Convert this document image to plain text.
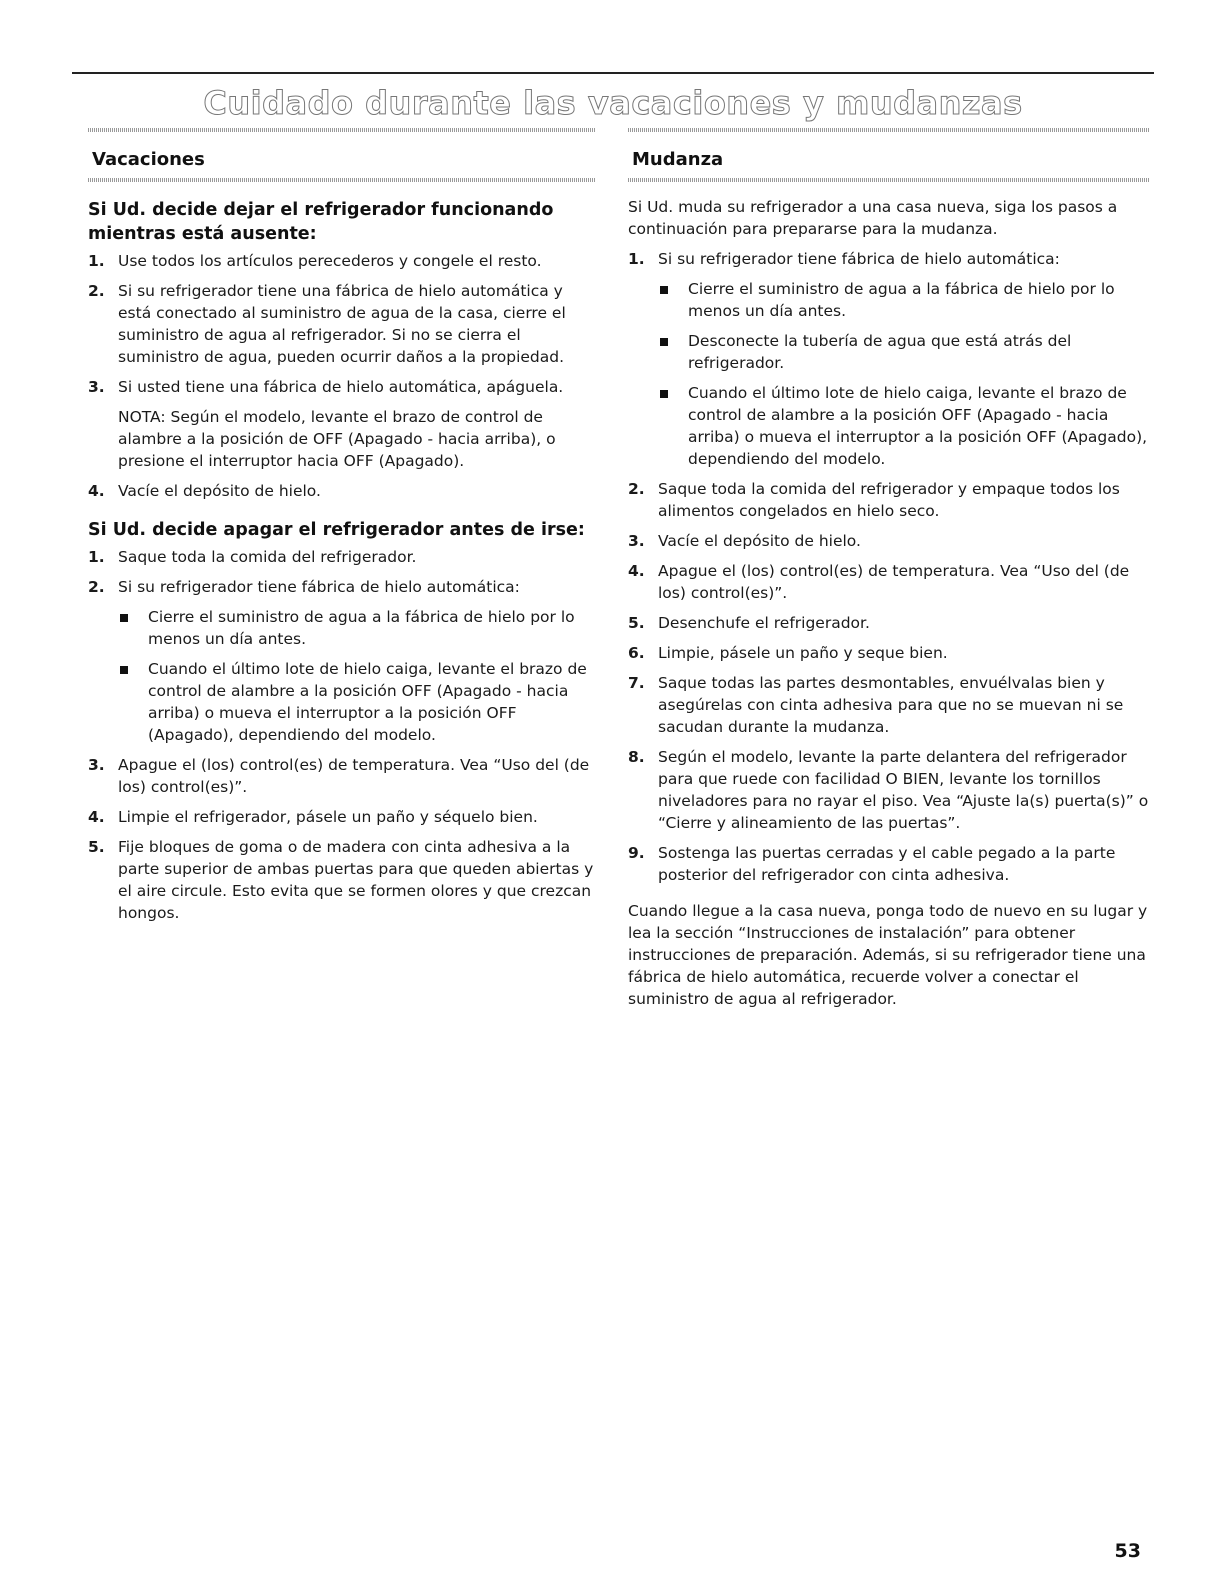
Cuidado durante las vacaciones y mudanzas
Vacaciones
Si Ud. decide dejar el refrigerador funcionando mientras está ausente:
1. Use todos los artículos perecederos y congele el resto.
2. Si su refrigerador tiene una fábrica de hielo automática y está conectado al suministro de agua de la casa, cierre el suministro de agua al refrigerador. Si no se cierra el suministro de agua, pueden ocurrir daños a la propiedad.
3. Si usted tiene una fábrica de hielo automática, apáguela.
NOTA: Según el modelo, levante el brazo de control de alambre a la posición de OFF (Apagado - hacia arriba), o presione el interruptor hacia OFF (Apagado).
4. Vacíe el depósito de hielo.
Si Ud. decide apagar el refrigerador antes de irse:
1. Saque toda la comida del refrigerador.
2. Si su refrigerador tiene fábrica de hielo automática:
Cierre el suministro de agua a la fábrica de hielo por lo menos un día antes.
Cuando el último lote de hielo caiga, levante el brazo de control de alambre a la posición OFF (Apagado - hacia arriba) o mueva el interruptor a la posición OFF (Apagado), dependiendo del modelo.
3. Apague el (los) control(es) de temperatura. Vea “Uso del (de los) control(es)”.
4. Limpie el refrigerador, pásele un paño y séquelo bien.
5. Fije bloques de goma o de madera con cinta adhesiva a la parte superior de ambas puertas para que queden abiertas y el aire circule. Esto evita que se formen olores y que crezcan hongos.
Mudanza
Si Ud. muda su refrigerador a una casa nueva, siga los pasos a continuación para prepararse para la mudanza.
1. Si su refrigerador tiene fábrica de hielo automática:
Cierre el suministro de agua a la fábrica de hielo por lo menos un día antes.
Desconecte la tubería de agua que está atrás del refrigerador.
Cuando el último lote de hielo caiga, levante el brazo de control de alambre a la posición OFF (Apagado - hacia arriba) o mueva el interruptor a la posición OFF (Apagado), dependiendo del modelo.
2. Saque toda la comida del refrigerador y empaque todos los alimentos congelados en hielo seco.
3. Vacíe el depósito de hielo.
4. Apague el (los) control(es) de temperatura. Vea “Uso del (de los) control(es)”.
5. Desenchufe el refrigerador.
6. Limpie, pásele un paño y seque bien.
7. Saque todas las partes desmontables, envuélvalas bien y asegúrelas con cinta adhesiva para que no se muevan ni se sacudan durante la mudanza.
8. Según el modelo, levante la parte delantera del refrigerador para que ruede con facilidad O BIEN, levante los tornillos niveladores para no rayar el piso. Vea “Ajuste la(s) puerta(s)” o “Cierre y alineamiento de las puertas”.
9. Sostenga las puertas cerradas y el cable pegado a la parte posterior del refrigerador con cinta adhesiva.
Cuando llegue a la casa nueva, ponga todo de nuevo en su lugar y lea la sección “Instrucciones de instalación” para obtener instrucciones de preparación. Además, si su refrigerador tiene una fábrica de hielo automática, recuerde volver a conectar el suministro de agua al refrigerador.
53
